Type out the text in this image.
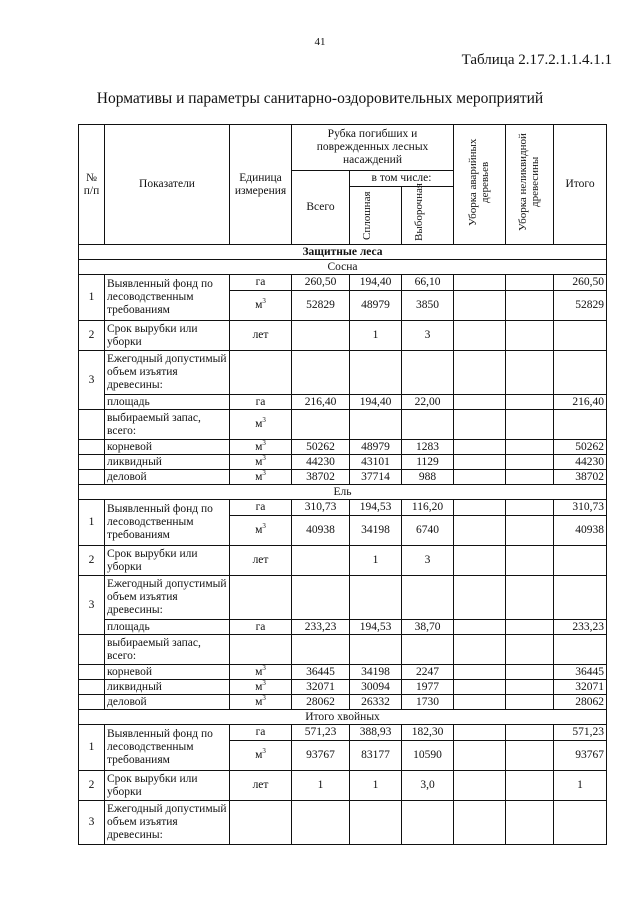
41
Таблица 2.17.2.1.1.4.1.1
Нормативы и параметры санитарно-оздоровительных мероприятий
№ п/п	Показатели	Единица измерения	Рубка погибших и поврежденных лесных насаждений			Уборка аварийных деревьев	Уборка неликвидной древесины	Итого
			Всего	в том числе:				

				Сплошная	Выборочная			

Защитные леса								
Сосна								
1	Выявленный фонд по лесоводственным требованиям	га	260,50	194,40	66,10			260,50
		$м^3$	52829	48979	3850			52829
2	Срок вырубки или уборки	лет		1	3			
3	Ежегодный допустимый объем изъятия древесины:							
	площадь	га	216,40	194,40	22,00			216,40
	выбираемый запас, всего:	$м^3$						
	корневой	$м^3$	50262	48979	1283			50262
	ликвидный	$м^3$	44230	43101	1129			44230
	деловой	$м^3$	38702	37714	988			38702
Ель								
1	Выявленный фонд по лесоводственным требованиям	га	310,73	194,53	116,20			310,73
		$м^3$	40938	34198	6740			40938
2	Срок вырубки или уборки	лет		1	3			
3	Ежегодный допустимый объем изъятия древесины:							
	площадь	га	233,23	194,53	38,70			233,23
	выбираемый запас, всего:							
	корневой	$м^3$	36445	34198	2247			36445
	ликвидный	$м^3$	32071	30094	1977			32071
	деловой	$м^3$	28062	26332	1730			28062
Итого хвойных								
1	Выявленный фонд по лесоводственным требованиям	га	571,23	388,93	182,30			571,23
		$м^3$	93767	83177	10590			93767
2	Срок вырубки или уборки	лет	1	1	3,0			1
3	Ежегодный допустимый объем изъятия древесины:							
